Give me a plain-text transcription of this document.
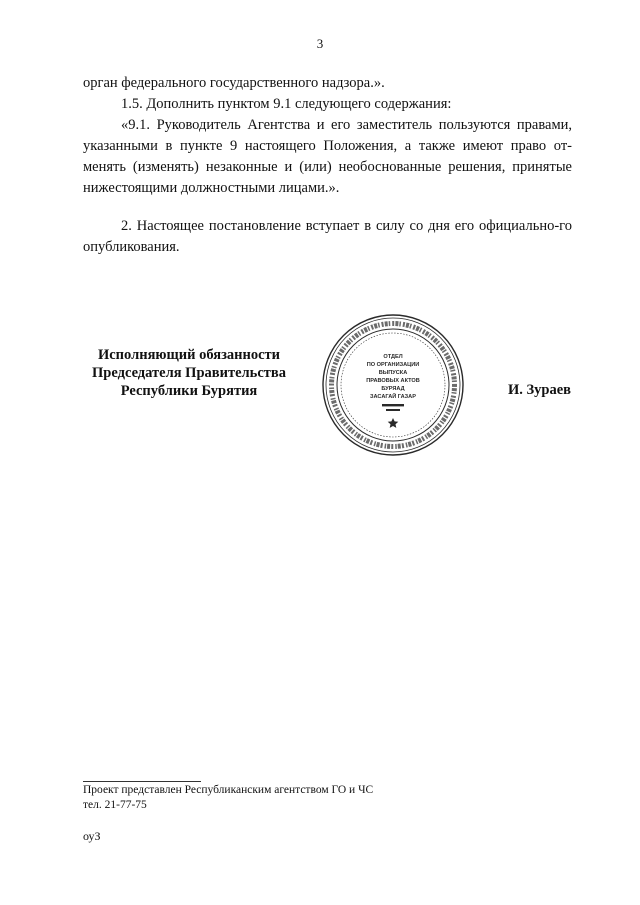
3

орган федерального государственного надзора.».

1.5. Дополнить пунктом 9.1 следующего содержания:

«9.1. Руководитель Агентства и его заместитель пользуются правами, указанными в пункте 9 настоящего Положения, а также имеют право от-менять (изменять) незаконные и (или) необоснованные решения, принятые нижестоящими должностными лицами.».

2. Настоящее постановление вступает в силу со дня его официально-го опубликования.

Исполняющий обязанности
Председателя Правительства
Республики Бурятия
ОТДЕЛ
ПО ОРГАНИЗАЦИИ
ВЫПУСКА
ПРАВОВЫХ АКТОВ
БУРЯАД
ЗАСАГАЙ ГАЗАР	И. Зураев
Проект представлен Республиканским агентством ГО и ЧС
тел. 21-77-75
оуЗ
